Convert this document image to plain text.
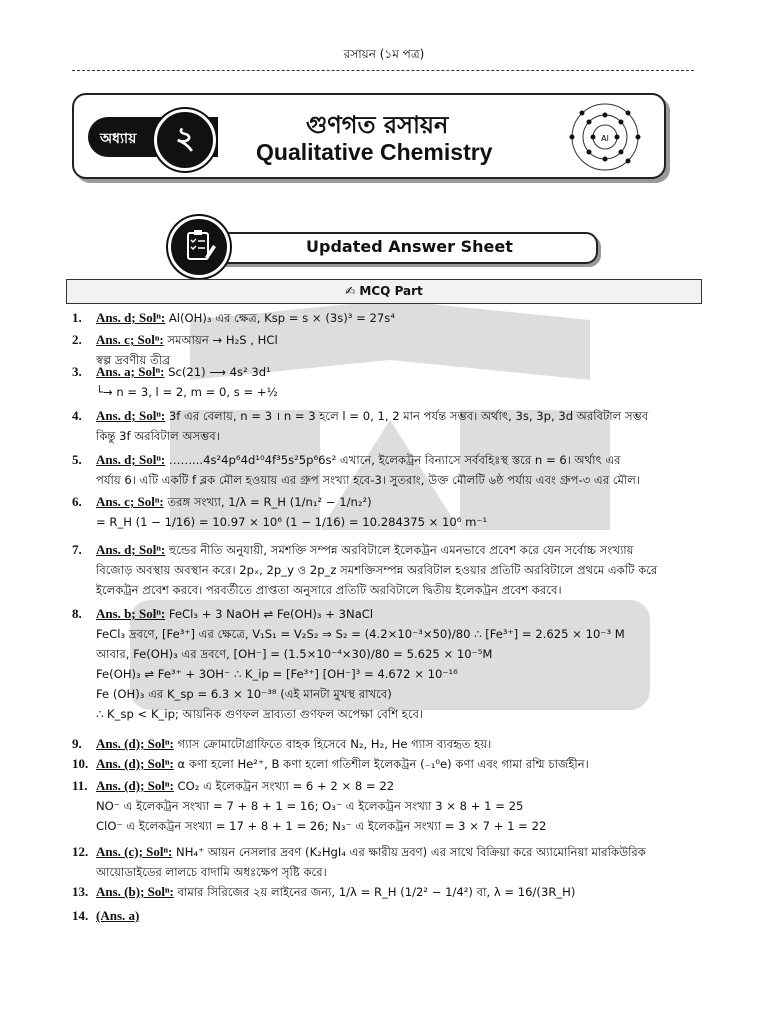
রসায়ন (১ম পত্র)
অধ্যায়	২	গুণগত রসায়ন
Qualitative Chemistry
Al
Updated Answer Sheet
✍ MCQ Part
1. Ans. d; Solⁿ: Al(OH)₃ এর ক্ষেত্র, Ksp = s × (3s)³ = 27s⁴
2. Ans. c; Solⁿ: সমআয়ন → H₂S , HCl
স্বল্প দ্রবণীয় তীব্র
3. Ans. a; Solⁿ: Sc(21) ⟶ 4s² 3d¹
└→ n = 3, l = 2, m = 0, s = +½
4. Ans. d; Solⁿ: 3f এর বেলায়, n = 3 । n = 3 হলে l = 0, 1, 2 মান পর্যন্ত সম্ভব। অর্থাৎ, 3s, 3p, 3d অরবিটাল সম্ভব
কিন্তু 3f অরবিটাল অসম্ভব।
5. Ans. d; Solⁿ: ……...4s²4p⁶4d¹⁰4f³5s²5p⁶6s² এখানে, ইলেকট্রন বিন্যাসে সর্ববহিঃস্থ স্তরে n = 6। অর্থাৎ এর
পর্যায় 6। এটি একটি f ব্লক মৌল হওয়ায় এর গ্রুপ সংখ্যা হবে-3। সুতরাং, উক্ত মৌলটি ৬ষ্ঠ পর্যায় এবং গ্রুপ-৩ এর মৌল।
6. Ans. c; Solⁿ: তরঙ্গ সংখ্যা, 1/λ = R_H (1/n₁² − 1/n₂²)
= R_H (1 − 1/16) = 10.97 × 10⁶ (1 − 1/16) = 10.284375 × 10⁶ m⁻¹
7. Ans. d; Solⁿ: হুন্ডের নীতি অনুযায়ী, সমশক্তি সম্পন্ন অরবিটালে ইলেকট্রন এমনভাবে প্রবেশ করে যেন সর্বোচ্চ সংখ্যায়
বিজোড় অবস্থায় অবস্থান করে। 2pₓ, 2p_y ও 2p_z সমশক্তিসম্পন্ন অরবিটাল হওয়ার প্রতিটি অরবিটালে প্রথমে একটি করে
ইলেকট্রন প্রবেশ করবে। পরবর্তীতে প্রাপ্ততা অনুসারে প্রতিটি অরবিটালে দ্বিতীয় ইলেকট্রন প্রবেশ করবে।
8. Ans. b; Solⁿ: FeCl₃ + 3 NaOH ⇌ Fe(OH)₃ + 3NaCl
FeCl₃ দ্রবণে, [Fe³⁺] এর ক্ষেত্রে, V₁S₁ = V₂S₂ ⇒ S₂ = (4.2×10⁻³×50)/80 ∴ [Fe³⁺] = 2.625 × 10⁻³ M
আবার, Fe(OH)₃ এর দ্রবণে, [OH⁻] = (1.5×10⁻⁴×30)/80 = 5.625 × 10⁻⁵M
Fe(OH)₃ ⇌ Fe³⁺ + 3OH⁻ ∴ K_ip = [Fe³⁺] [OH⁻]³ = 4.672 × 10⁻¹⁶
Fe (OH)₃ এর K_sp = 6.3 × 10⁻³⁸ (এই মানটা মুখস্থ রাখবে)
∴ K_sp < K_ip; আয়নিক গুণফল দ্রাব্যতা গুণফল অপেক্ষা বেশি হবে।
9. Ans. (d); Solⁿ: গ্যাস ক্রোমাটোগ্রাফিতে বাহক হিসেবে N₂, H₂, He গ্যাস ব্যবহৃত হয়।
10. Ans. (d); Solⁿ: α কণা হলো He²⁺, B কণা হলো গতিশীল ইলেকট্রন (₋₁⁰e) কণা এবং গামা রশ্মি চার্জহীন।
11. Ans. (d); Solⁿ: CO₂ এ ইলেকট্রন সংখ্যা = 6 + 2 × 8 = 22
NO⁻ এ ইলেকট্রন সংখ্যা = 7 + 8 + 1 = 16; O₃⁻ এ ইলেকট্রন সংখ্যা 3 × 8 + 1 = 25
ClO⁻ এ ইলেকট্রন সংখ্যা = 17 + 8 + 1 = 26; N₃⁻ এ ইলেকট্রন সংখ্যা = 3 × 7 + 1 = 22
12. Ans. (c); Solⁿ: NH₄⁺ আয়ন নেসলার দ্রবণ (K₂HgI₄ এর ক্ষারীয় দ্রবণ) এর সাথে বিক্রিয়া করে অ্যামোনিয়া মারকিউরিক
আয়োডাইডের লালচে বাদামি অধঃক্ষেপ সৃষ্টি করে।
13. Ans. (b); Solⁿ: বামার সিরিজের ২য় লাইনের জন্য, 1/λ = R_H (1/2² − 1/4²) বা, λ = 16/(3R_H)
14. (Ans. a)
